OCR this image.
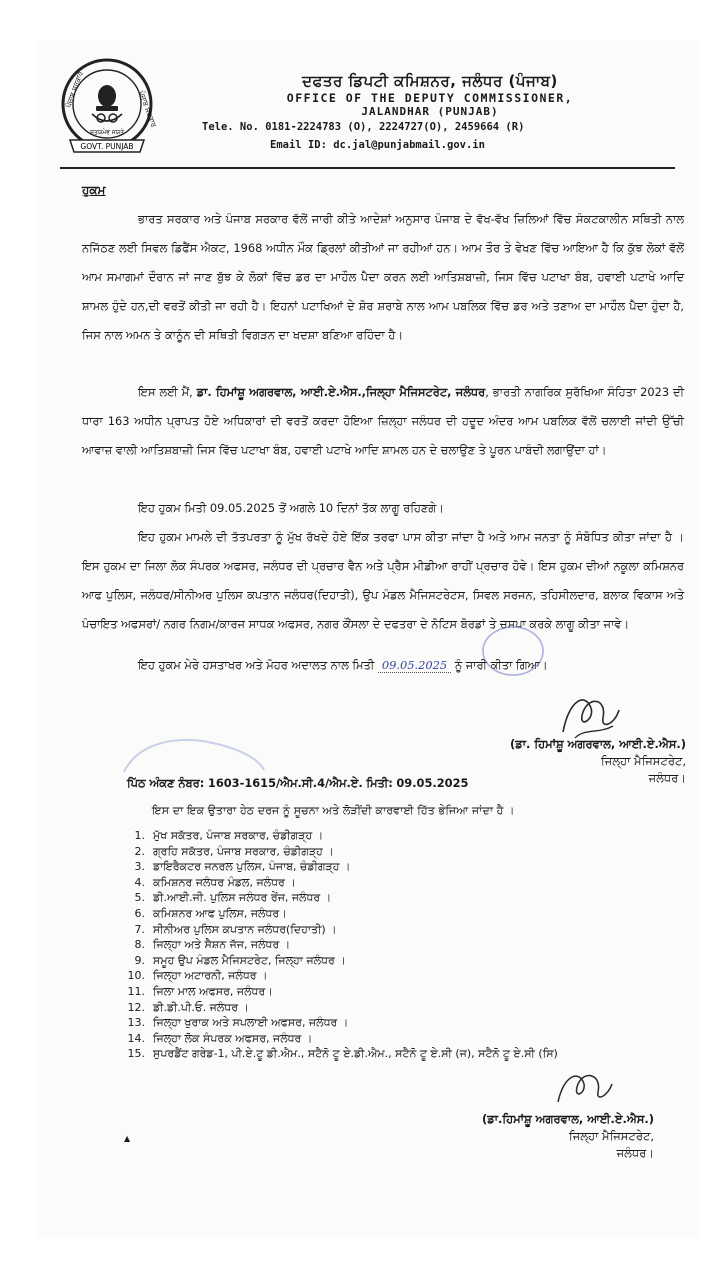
ਪੰਜਾਬ ਸਰਕਾਰ
ਪੰਜਾਬ ਸਰਕਾਰ
ਸਤਯਮੇਵ ਜਯਤੇ
GOVT. PUNJAB
ਦਫਤਰ ਡਿਪਟੀ ਕਮਿਸ਼ਨਰ, ਜਲੰਧਰ (ਪੰਜਾਬ)
OFFICE OF THE DEPUTY COMMISSIONER,
JALANDHAR (PUNJAB)
Tele. No. 0181-2224783 (O), 2224727(O), 2459664 (R)
Email ID: dc.jal@punjabmail.gov.in
ਹੁਕਮ

ਭਾਰਤ ਸਰਕਾਰ ਅਤੇ ਪੰਜਾਬ ਸਰਕਾਰ ਵੱਲੋਂ ਜਾਰੀ ਕੀਤੇ ਆਦੇਸ਼ਾਂ ਅਨੁਸਾਰ ਪੰਜਾਬ ਦੇ ਵੱਖ-ਵੱਖ ਜ਼ਿਲਿਆਂ ਵਿੱਚ ਸੰਕਟਕਾਲੀਨ ਸਥਿਤੀ ਨਾਲ ਨਜਿੱਠਣ ਲਈ ਸਿਵਲ ਡਿਫੈਂਸ ਐਕਟ, 1968 ਅਧੀਨ ਮੌਕ ਡ੍ਰਿਲਾਂ ਕੀਤੀਆਂ ਜਾ ਰਹੀਆਂ ਹਨ। ਆਮ ਤੌਰ ਤੇ ਵੇਖਣ ਵਿੱਚ ਆਇਆ ਹੈ ਕਿ ਕੁੱਝ ਲੋਕਾਂ ਵੱਲੋਂ ਆਮ ਸਮਾਗਮਾਂ ਦੌਰਾਨ ਜਾਂ ਜਾਣ ਬੁੱਝ ਕੇ ਲੋਕਾਂ ਵਿੱਚ ਡਰ ਦਾ ਮਾਹੌਲ ਪੈਦਾ ਕਰਨ ਲਈ ਆਤਿਸ਼ਬਾਜ਼ੀ, ਜਿਸ ਵਿੱਚ ਪਟਾਖਾ ਬੰਬ, ਹਵਾਈ ਪਟਾਖੇ ਆਦਿ ਸ਼ਾਮਲ ਹੁੰਦੇ ਹਨ,ਦੀ ਵਰਤੋਂ ਕੀਤੀ ਜਾ ਰਹੀ ਹੈ। ਇਹਨਾਂ ਪਟਾਖਿਆਂ ਦੇ ਸ਼ੋਰ ਸ਼ਰਾਬੇ ਨਾਲ ਆਮ ਪਬਲਿਕ ਵਿੱਚ ਡਰ ਅਤੇ ਤਣਾਅ ਦਾ ਮਾਹੌਲ ਪੈਦਾ ਹੁੰਦਾ ਹੈ, ਜਿਸ ਨਾਲ ਅਮਨ ਤੇ ਕਾਨੂੰਨ ਦੀ ਸਥਿਤੀ ਵਿਗੜਨ ਦਾ ਖਦਸ਼ਾ ਬਣਿਆ ਰਹਿੰਦਾ ਹੈ।

ਇਸ ਲਈ ਮੈਂ, ਡਾ. ਹਿਮਾਂਸ਼ੂ ਅਗਰਵਾਲ, ਆਈ.ਏ.ਐਸ.,ਜਿਲ੍ਹਾ ਮੈਜਿਸਟਰੇਟ, ਜਲੰਧਰ, ਭਾਰਤੀ ਨਾਗਰਿਕ ਸੁਰੱਖਿਆ ਸੰਹਿਤਾ 2023 ਦੀ ਧਾਰਾ 163 ਅਧੀਨ ਪ੍ਰਾਪਤ ਹੋਏ ਅਧਿਕਾਰਾਂ ਦੀ ਵਰਤੋਂ ਕਰਦਾ ਹੋਇਆ ਜ਼ਿਲ੍ਹਾ ਜਲੰਧਰ ਦੀ ਹਦੂਦ ਅੰਦਰ ਆਮ ਪਬਲਿਕ ਵੱਲੋਂ ਚਲਾਈ ਜਾਂਦੀ ਉੱਚੀ ਆਵਾਜ਼ ਵਾਲੀ ਆਤਿਸ਼ਬਾਜ਼ੀ ਜਿਸ ਵਿੱਚ ਪਟਾਖਾ ਬੰਬ, ਹਵਾਈ ਪਟਾਖੇ ਆਦਿ ਸ਼ਾਮਲ ਹਨ ਦੇ ਚਲਾਉਣ ਤੇ ਪੂਰਨ ਪਾਬੰਦੀ ਲਗਾਉਂਦਾ ਹਾਂ।

ਇਹ ਹੁਕਮ ਮਿਤੀ 09.05.2025 ਤੋਂ ਅਗਲੇ 10 ਦਿਨਾਂ ਤੱਕ ਲਾਗੂ ਰਹਿਣਗੇ।

ਇਹ ਹੁਕਮ ਮਾਮਲੇ ਦੀ ਤੱਤਪਰਤਾ ਨੂੰ ਮੁੱਖ ਰੱਖਦੇ ਹੋਏ ਇੱਕ ਤਰਫਾ ਪਾਸ ਕੀਤਾ ਜਾਂਦਾ ਹੈ ਅਤੇ ਆਮ ਜਨਤਾ ਨੂੰ ਸੰਬੋਧਿਤ ਕੀਤਾ ਜਾਂਦਾ ਹੈ । ਇਸ ਹੁਕਮ ਦਾ ਜਿਲਾ ਲੋਕ ਸੰਪਰਕ ਅਫਸਰ, ਜਲੰਧਰ ਦੀ ਪ੍ਰਚਾਰ ਵੈਨ ਅਤੇ ਪ੍ਰੈਸ ਮੀਡੀਆ ਰਾਹੀਂ ਪ੍ਰਚਾਰ ਹੋਵੇ। ਇਸ ਹੁਕਮ ਦੀਆਂ ਨਕੂਲਾ ਕਮਿਸ਼ਨਰ ਆਫ ਪੁਲਿਸ, ਜਲੰਧਰ/ਸੀਨੀਅਰ ਪੁਲਿਸ ਕਪਤਾਨ ਜਲੰਧਰ(ਦਿਹਾਤੀ), ਉਪ ਮੰਡਲ ਮੈਜਿਸਟਰੇਟਸ, ਸਿਵਲ ਸਰਜਨ, ਤਹਿਸੀਲਦਾਰ, ਬਲਾਕ ਵਿਕਾਸ ਅਤੇ ਪੰਚਾਇਤ ਅਫਸਰਾਂ/ ਨਗਰ ਨਿਗਮ/ਕਾਰਜ ਸਾਧਕ ਅਫਸਰ, ਨਗਰ ਕੌਂਸਲਾ ਦੇ ਦਫਤਰਾ ਦੇ ਨੋਟਿਸ ਬੋਰਡਾਂ ਤੇ ਚਸਪਾ ਕਰਕੇ ਲਾਗੂ ਕੀਤਾ ਜਾਵੇ।

ਇਹ ਹੁਕਮ ਮੇਰੇ ਹਸਤਾਖਰ ਅਤੇ ਮੋਹਰ ਅਦਾਲਤ ਨਾਲ ਮਿਤੀ 09.05.2025 ਨੂੰ ਜਾਰੀ ਕੀਤਾ ਗਿਆ।

(ਡਾ. ਹਿਮਾਂਸ਼ੂ ਅਗਰਵਾਲ, ਆਈ.ਏ.ਐਸ.)
ਜਿਲ੍ਹਾ ਮੈਜਿਸਟਰੇਟ,
ਜਲੰਧਰ।
ਪਿੱਠ ਅੰਕਣ ਨੰਬਰ: 1603-1615/ਐਮ.ਸੀ.4/ਐਮ.ਏ. ਮਿਤੀ: 09.05.2025
ਇਸ ਦਾ ਇਕ ਉਤਾਰਾ ਹੇਠ ਦਰਜ ਨੂੰ ਸੂਚਨਾ ਅਤੇ ਲੋੜੀਂਦੀ ਕਾਰਵਾਈ ਹਿੱਤ ਭੇਜਿਆ ਜਾਂਦਾ ਹੈ ।
1. ਮੁੱਖ ਸਕੱਤਰ, ਪੰਜਾਬ ਸਰਕਾਰ, ਚੰਡੀਗੜ੍ਹ ।
2. ਗ੍ਰਹਿ ਸਕੱਤਰ, ਪੰਜਾਬ ਸਰਕਾਰ, ਚੰਡੀਗੜ੍ਹ ।
3. ਡਾਇਰੈਕਟਰ ਜਨਰਲ ਪੁਲਿਸ, ਪੰਜਾਬ, ਚੰਡੀਗੜ੍ਹ ।
4. ਕਮਿਸ਼ਨਰ ਜਲੰਧਰ ਮੰਡਲ, ਜਲੰਧਰ ।
5. ਡੀ.ਆਈ.ਜੀ. ਪੁਲਿਸ ਜਲੰਧਰ ਰੇਂਜ, ਜਲੰਧਰ ।
6. ਕਮਿਸ਼ਨਰ ਆਫ ਪੁਲਿਸ, ਜਲੰਧਰ।
7. ਸੀਨੀਅਰ ਪੁਲਿਸ ਕਪਤਾਨ ਜਲੰਧਰ(ਦਿਹਾਤੀ) ।
8. ਜਿਲ੍ਹਾ ਅਤੇ ਸੈਸ਼ਨ ਜੱਜ, ਜਲੰਧਰ ।
9. ਸਮੂਹ ਉਪ ਮੰਡਲ ਮੈਜਿਸਟਰੇਟ, ਜਿਲ੍ਹਾ ਜਲੰਧਰ ।
10. ਜਿਲ੍ਹਾ ਅਟਾਰਨੀ, ਜਲੰਧਰ ।
11. ਜਿਲਾ ਮਾਲ ਅਫਸਰ, ਜਲੰਧਰ।
12. ਡੀ.ਡੀ.ਪੀ.ਓ. ਜਲੰਧਰ ।
13. ਜਿਲ੍ਹਾ ਖੁਰਾਕ ਅਤੇ ਸਪਲਾਈ ਅਫਸਰ, ਜਲੰਧਰ ।
14. ਜਿਲ੍ਹਾ ਲੋਕ ਸੰਪਰਕ ਅਫਸਰ, ਜਲੰਧਰ ।
15. ਸੁਪਰਡੈਂਟ ਗਰੇਡ-1, ਪੀ.ਏ.ਟੂ ਡੀ.ਐਮ., ਸਟੈਨੋ ਟੂ ਏ.ਡੀ.ਐਮ., ਸਟੈਨੋ ਟੂ ਏ.ਸੀ (ਜ), ਸਟੈਨੋ ਟੂ ਏ.ਸੀ (ਸਿ)
▲
(ਡਾ.ਹਿਮਾਂਸ਼ੂ ਅਗਰਵਾਲ, ਆਈ.ਏ.ਐਸ.)
ਜਿਲ੍ਹਾ ਮੈਜਿਸਟਰੇਟ,
ਜਲੰਧਰ।
